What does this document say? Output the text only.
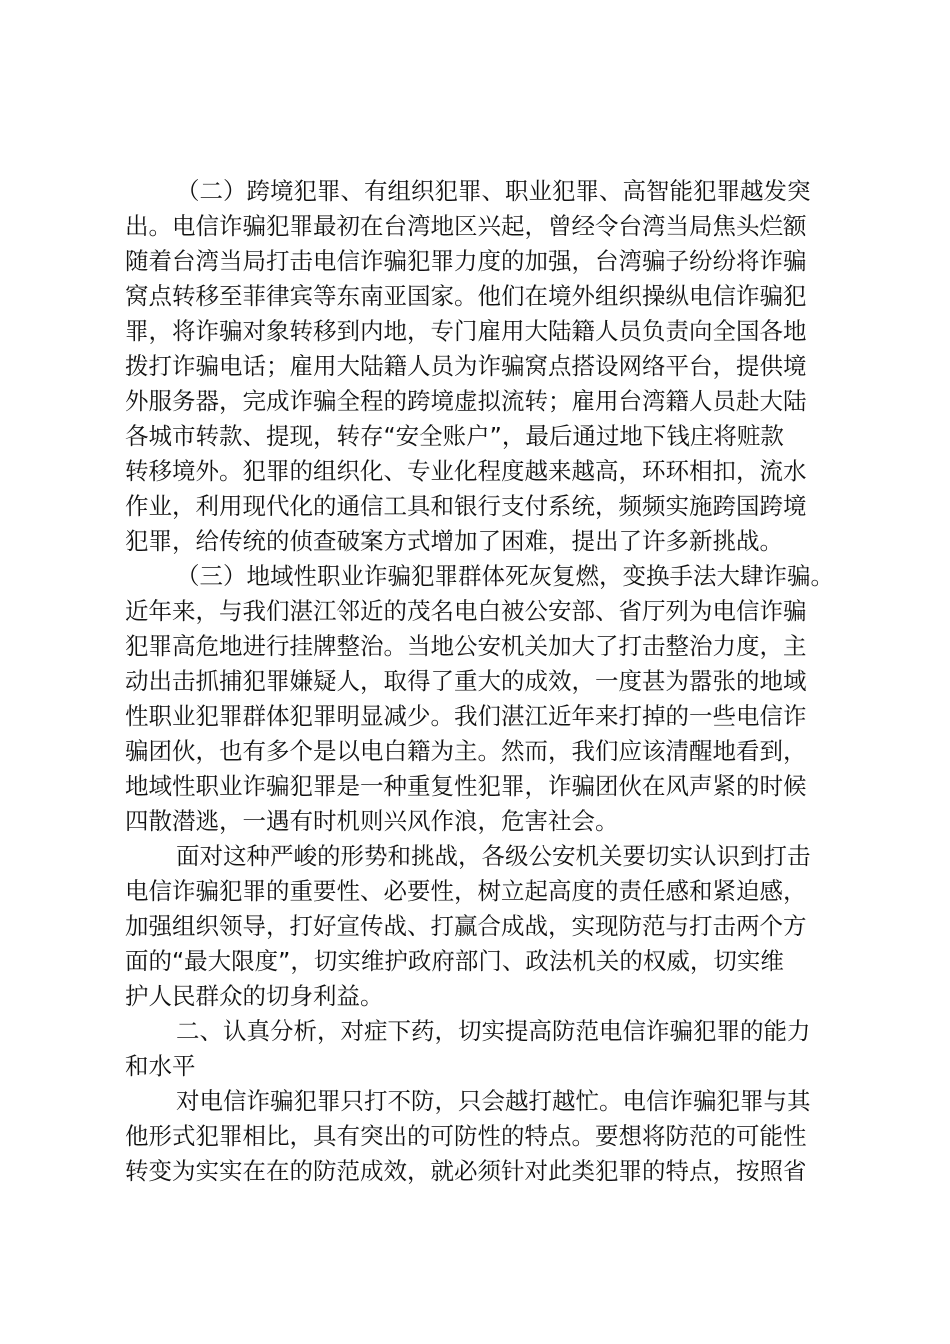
（二）跨境犯罪、有组织犯罪、职业犯罪、高智能犯罪越发突

出。电信诈骗犯罪最初在台湾地区兴起，曾经令台湾当局焦头烂额

随着台湾当局打击电信诈骗犯罪力度的加强，台湾骗子纷纷将诈骗

窝点转移至菲律宾等东南亚国家。他们在境外组织操纵电信诈骗犯

罪，将诈骗对象转移到内地，专门雇用大陆籍人员负责向全国各地

拨打诈骗电话；雇用大陆籍人员为诈骗窝点搭设网络平台，提供境

外服务器，完成诈骗全程的跨境虚拟流转；雇用台湾籍人员赴大陆

各城市转款、提现，转存“安全账户”，最后通过地下钱庄将赃款

转移境外。犯罪的组织化、专业化程度越来越高，环环相扣，流水

作业，利用现代化的通信工具和银行支付系统，频频实施跨国跨境

犯罪，给传统的侦查破案方式增加了困难，提出了许多新挑战。

（三）地域性职业诈骗犯罪群体死灰复燃，变换手法大肆诈骗。

近年来，与我们湛江邻近的茂名电白被公安部、省厅列为电信诈骗

犯罪高危地进行挂牌整治。当地公安机关加大了打击整治力度，主

动出击抓捕犯罪嫌疑人，取得了重大的成效，一度甚为嚣张的地域

性职业犯罪群体犯罪明显减少。我们湛江近年来打掉的一些电信诈

骗团伙，也有多个是以电白籍为主。然而，我们应该清醒地看到，

地域性职业诈骗犯罪是一种重复性犯罪，诈骗团伙在风声紧的时候

四散潜逃，一遇有时机则兴风作浪，危害社会。

面对这种严峻的形势和挑战，各级公安机关要切实认识到打击

电信诈骗犯罪的重要性、必要性，树立起高度的责任感和紧迫感，

加强组织领导，打好宣传战、打赢合成战，实现防范与打击两个方

面的“最大限度”，切实维护政府部门、政法机关的权威，切实维

护人民群众的切身利益。

二、认真分析，对症下药，切实提高防范电信诈骗犯罪的能力

和水平

对电信诈骗犯罪只打不防，只会越打越忙。电信诈骗犯罪与其

他形式犯罪相比，具有突出的可防性的特点。要想将防范的可能性

转变为实实在在的防范成效，就必须针对此类犯罪的特点，按照省
